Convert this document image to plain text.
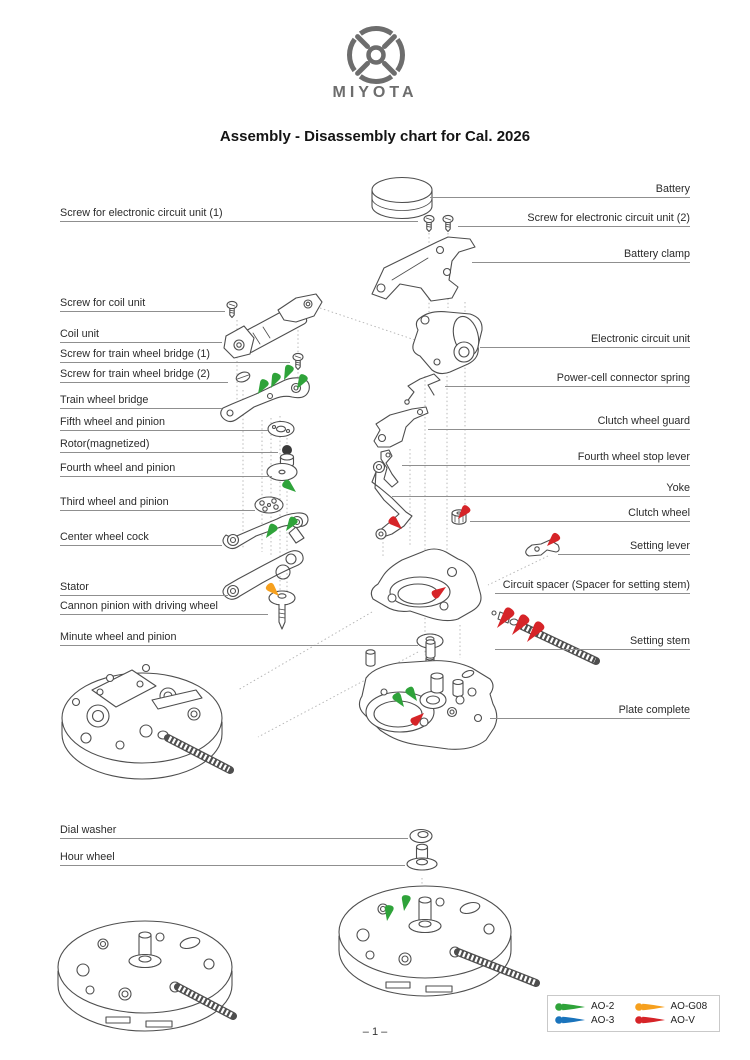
MIYOTA
Assembly - Disassembly chart for Cal. 2026
Screw for electronic circuit unit (1)
Screw for coil unit
Coil unit
Screw for train wheel bridge (1)
Screw for train wheel bridge (2)
Train wheel bridge
Fifth wheel and pinion
Rotor(magnetized)
Fourth wheel and pinion
Third wheel and pinion
Center wheel cock
Stator
Cannon pinion with driving wheel
Minute wheel and pinion
Dial washer
Hour wheel
Battery
Screw for electronic circuit unit (2)
Battery clamp
Electronic circuit unit
Power-cell connector spring
Clutch wheel guard
Fourth wheel stop lever
Yoke
Clutch wheel
Setting lever
Circuit spacer (Spacer for setting stem)
Setting stem
Plate complete
AO-2	AO-G08
AO-3	AO-V
– 1 –
